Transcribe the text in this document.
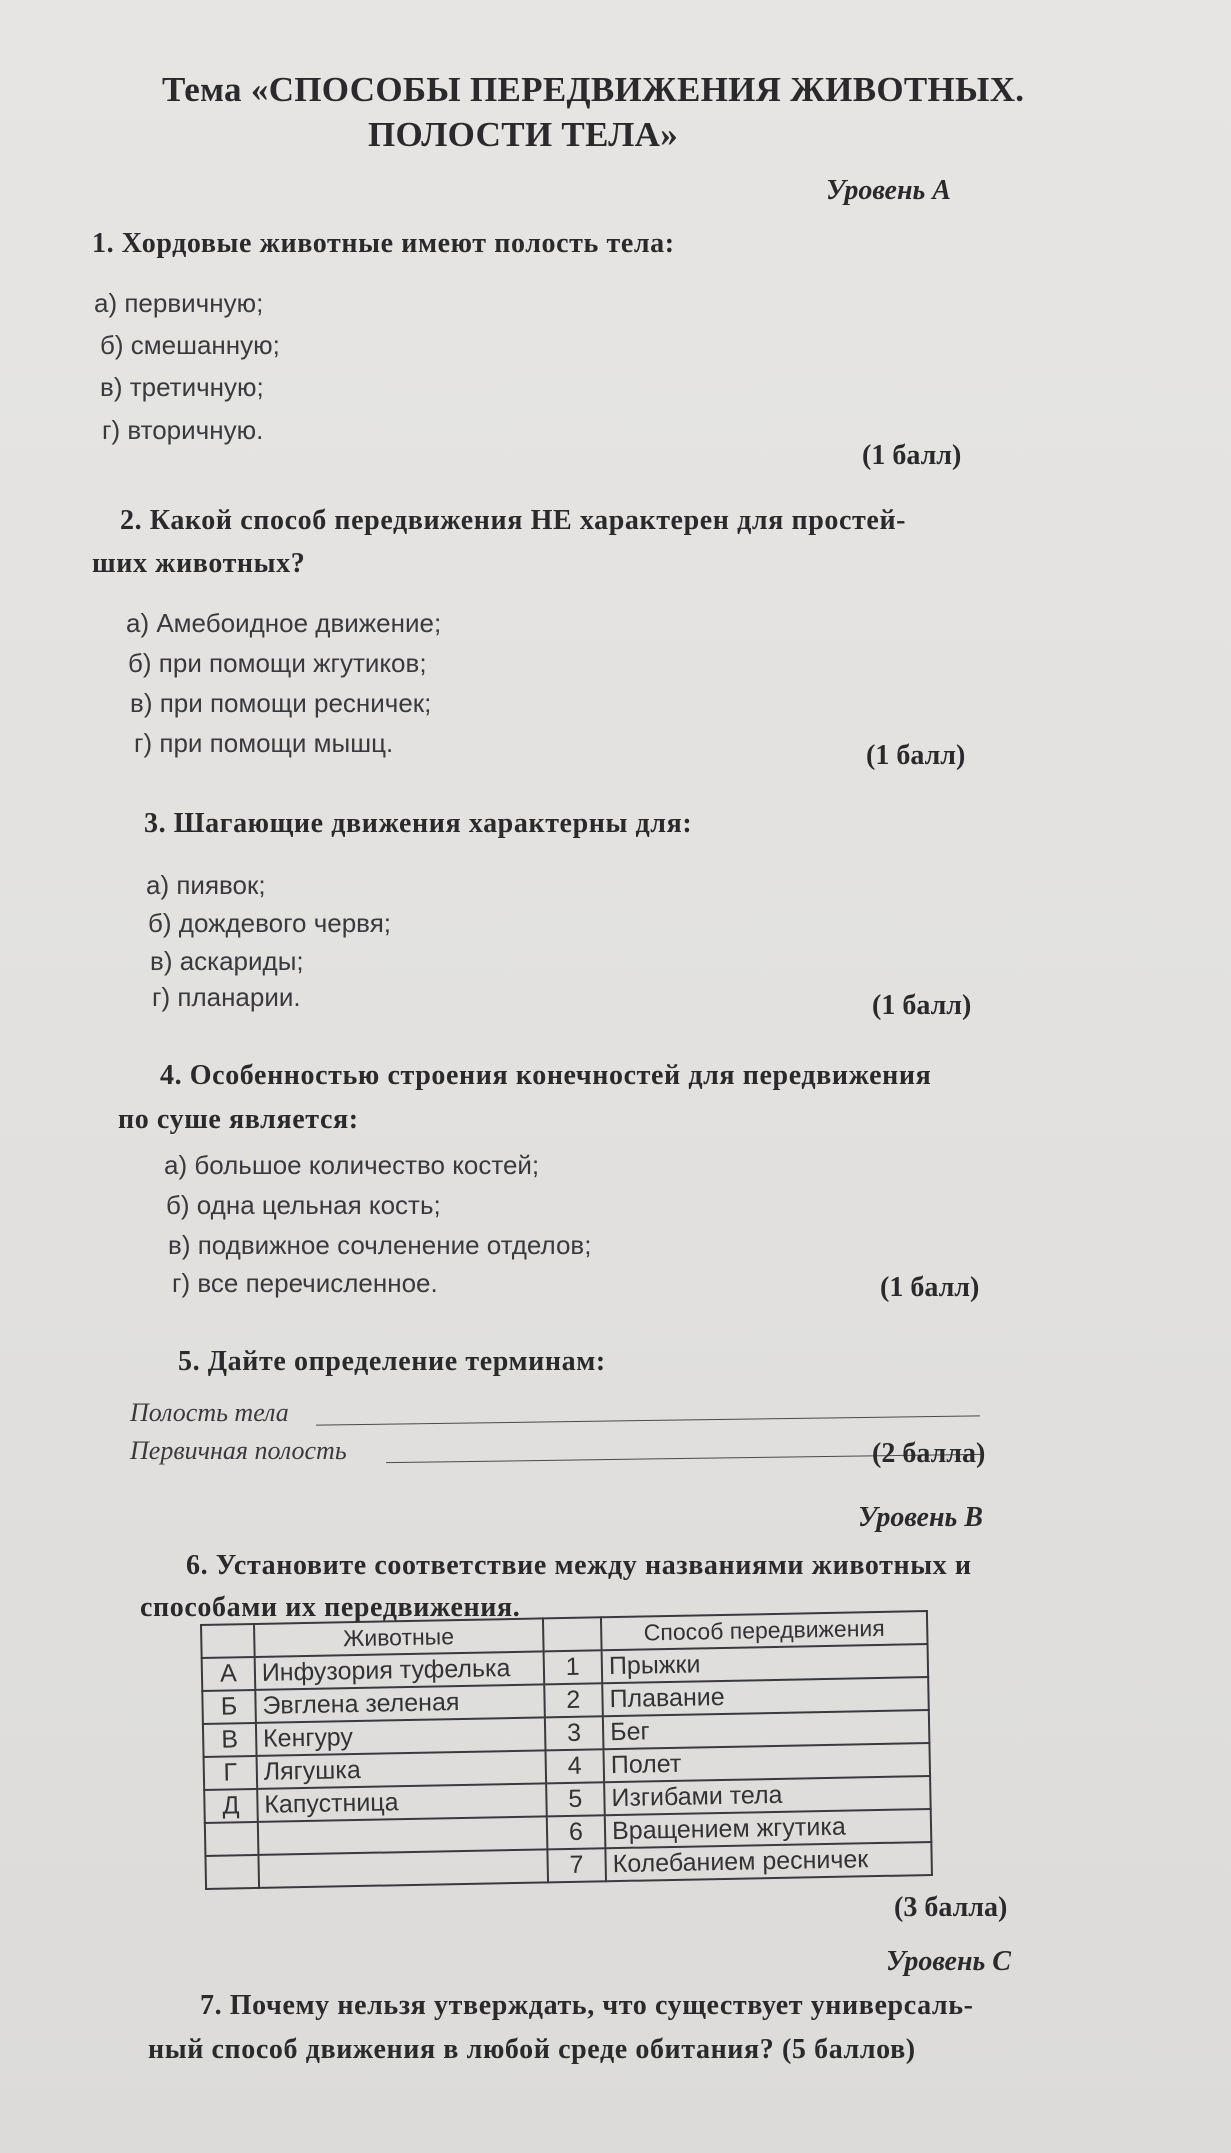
Тема «СПОСОБЫ ПЕРЕДВИЖЕНИЯ ЖИВОТНЫХ.
ПОЛОСТИ ТЕЛА»
Уровень А
1. Хордовые животные имеют полость тела:
а) первичную;
б) смешанную;
в) третичную;
г) вторичную.
(1 балл)
2. Какой способ передвижения НЕ характерен для простей-
ших животных?
а) Амебоидное движение;
б) при помощи жгутиков;
в) при помощи ресничек;
г) при помощи мышц.	(1 балл)
3. Шагающие движения характерны для:
а) пиявок;
б) дождевого червя;
в) аскариды;
г) планарии.	(1 балл)
4. Особенностью строения конечностей для передвижения
по суше является:
а) большое количество костей;
б) одна цельная кость;
в) подвижное сочленение отделов;
г) все перечисленное.	(1 балл)
5. Дайте определение терминам:
Полость тела
Первичная полость	(2 балла)
Уровень В
6. Установите соответствие между названиями животных и
способами их передвижения.
	Животные		Способ передвижения
А	Инфузория туфелька	1	Прыжки
Б	Эвглена зеленая	2	Плавание
В	Кенгуру	3	Бег
Г	Лягушка	4	Полет
Д	Капустница	5	Изгибами тела
		6	Вращением жгутика
		7	Колебанием ресничек
(3 балла)
Уровень С
7. Почему нельзя утверждать, что существует универсаль-
ный способ движения в любой среде обитания? (5 баллов)
